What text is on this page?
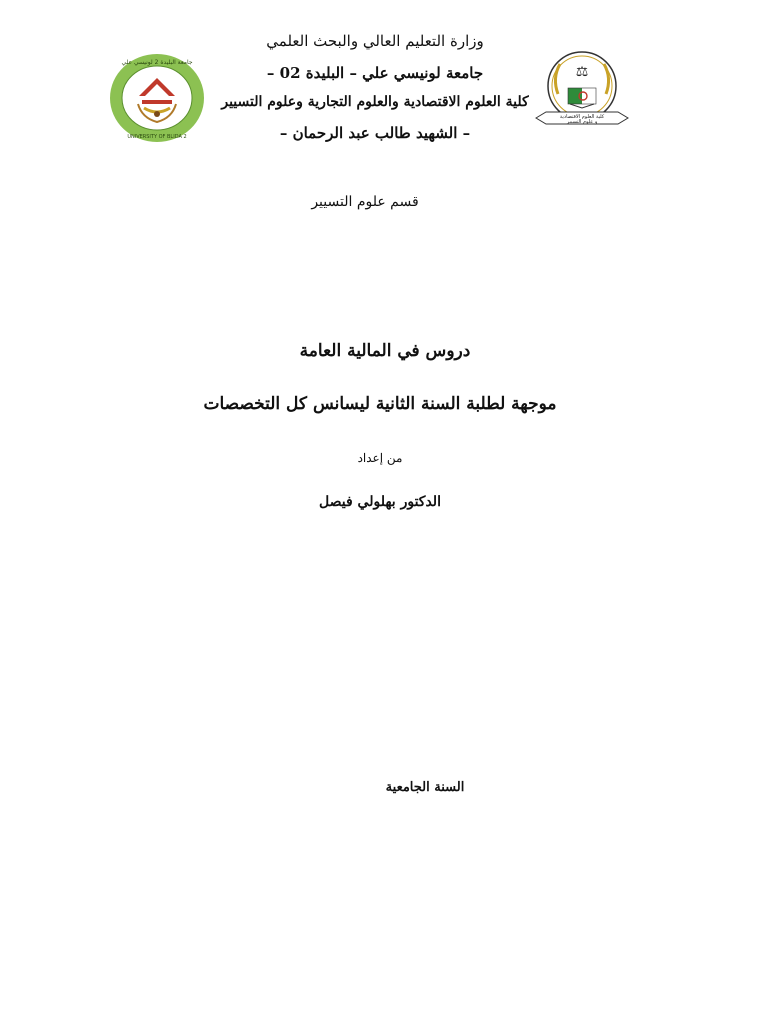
جامعة البليدة 2 لونيسي علي
UNIVERSITY OF BLIDA 2
⚖
كلية العلوم الاقتصادية
و علوم التسيير
وزارة التعليم العالي والبحث العلمي
جامعة لونيسي علي – البليدة 02 –
كلية العلوم الاقتصادية والعلوم التجارية وعلوم التسيير
– الشهيد طالب عبد الرحمان –
قسم علوم التسيير
دروس في المالية العامة
موجهة لطلبة السنة الثانية ليسانس كل التخصصات
من إعداد
الدكتور بهلولي فيصل
السنة الجامعية
